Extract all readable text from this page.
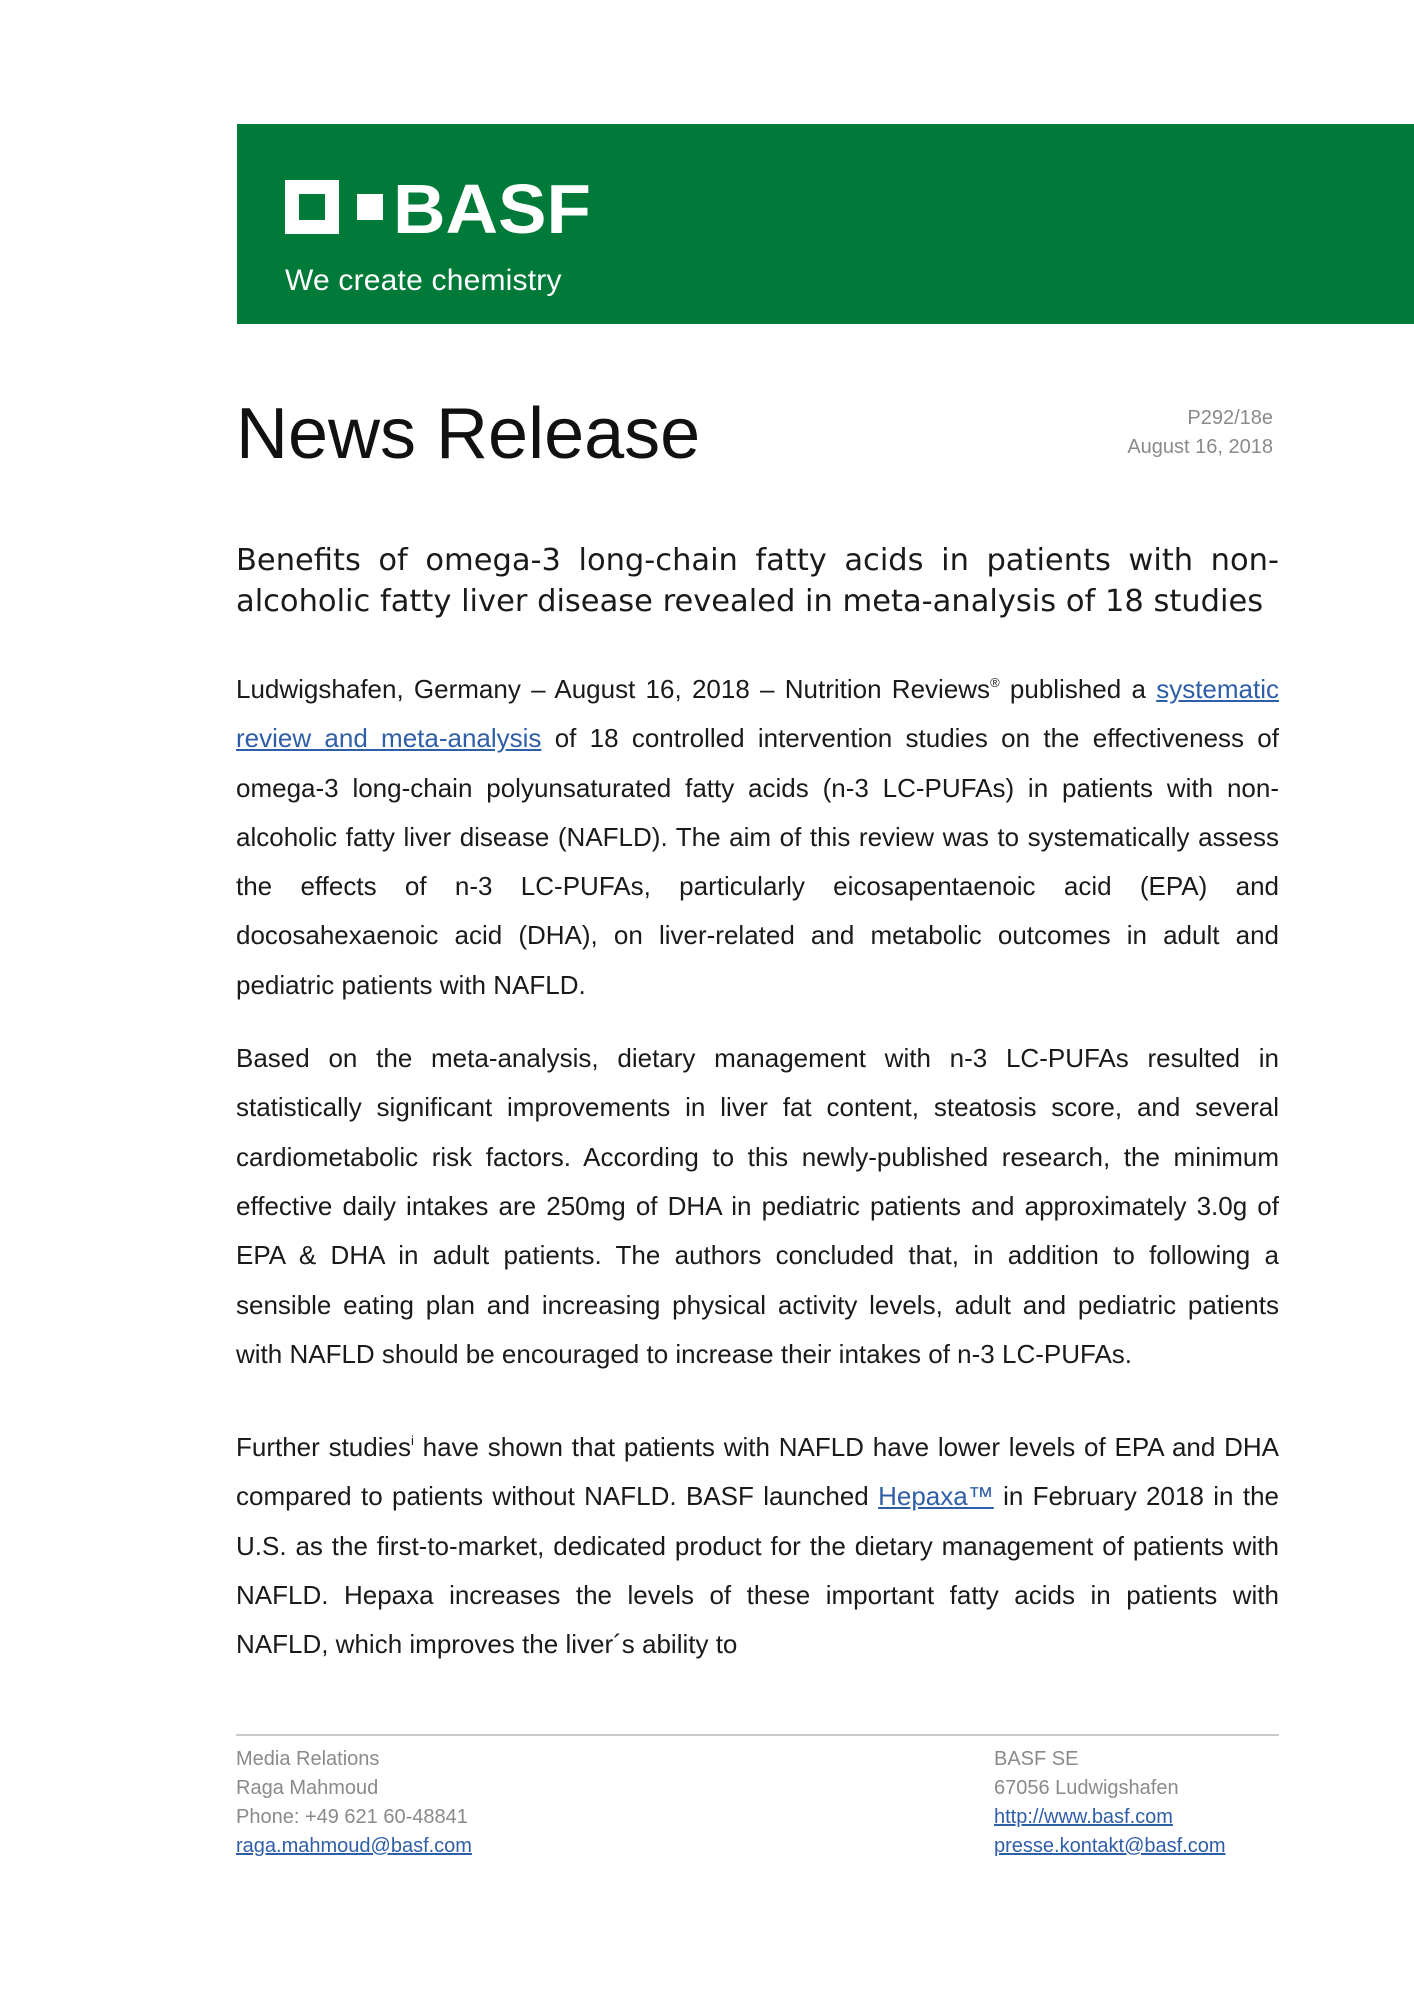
BASF
We create chemistry
News Release	P292/18e
August 16, 2018
Benefits of omega-3 long-chain fatty acids in patients with non-alcoholic fatty liver disease revealed in meta-analysis of 18 studies

Ludwigshafen, Germany – August 16, 2018 – Nutrition Reviews® published a systematic review and meta-analysis of 18 controlled intervention studies on the effectiveness of omega-3 long-chain polyunsaturated fatty acids (n-3 LC-PUFAs) in patients with non-alcoholic fatty liver disease (NAFLD). The aim of this review was to systematically assess the effects of n-3 LC-PUFAs, particularly eicosapentaenoic acid (EPA) and docosahexaenoic acid (DHA), on liver-related and metabolic outcomes in adult and pediatric patients with NAFLD.

Based on the meta-analysis, dietary management with n-3 LC-PUFAs resulted in statistically significant improvements in liver fat content, steatosis score, and several cardiometabolic risk factors. According to this newly-published research, the minimum effective daily intakes are 250mg of DHA in pediatric patients and approximately 3.0g of EPA & DHA in adult patients. The authors concluded that, in addition to following a sensible eating plan and increasing physical activity levels, adult and pediatric patients with NAFLD should be encouraged to increase their intakes of n-3 LC-PUFAs.

Further studies$^i$ have shown that patients with NAFLD have lower levels of EPA and DHA compared to patients without NAFLD. BASF launched Hepaxa™ in February 2018 in the U.S. as the first-to-market, dedicated product for the dietary management of patients with NAFLD. Hepaxa increases the levels of these important fatty acids in patients with NAFLD, which improves the liver´s ability to

Media Relations
Raga Mahmoud
Phone: +49 621 60-48841
raga.mahmoud@basf.com
BASF SE
67056 Ludwigshafen
http://www.basf.com
presse.kontakt@basf.com
